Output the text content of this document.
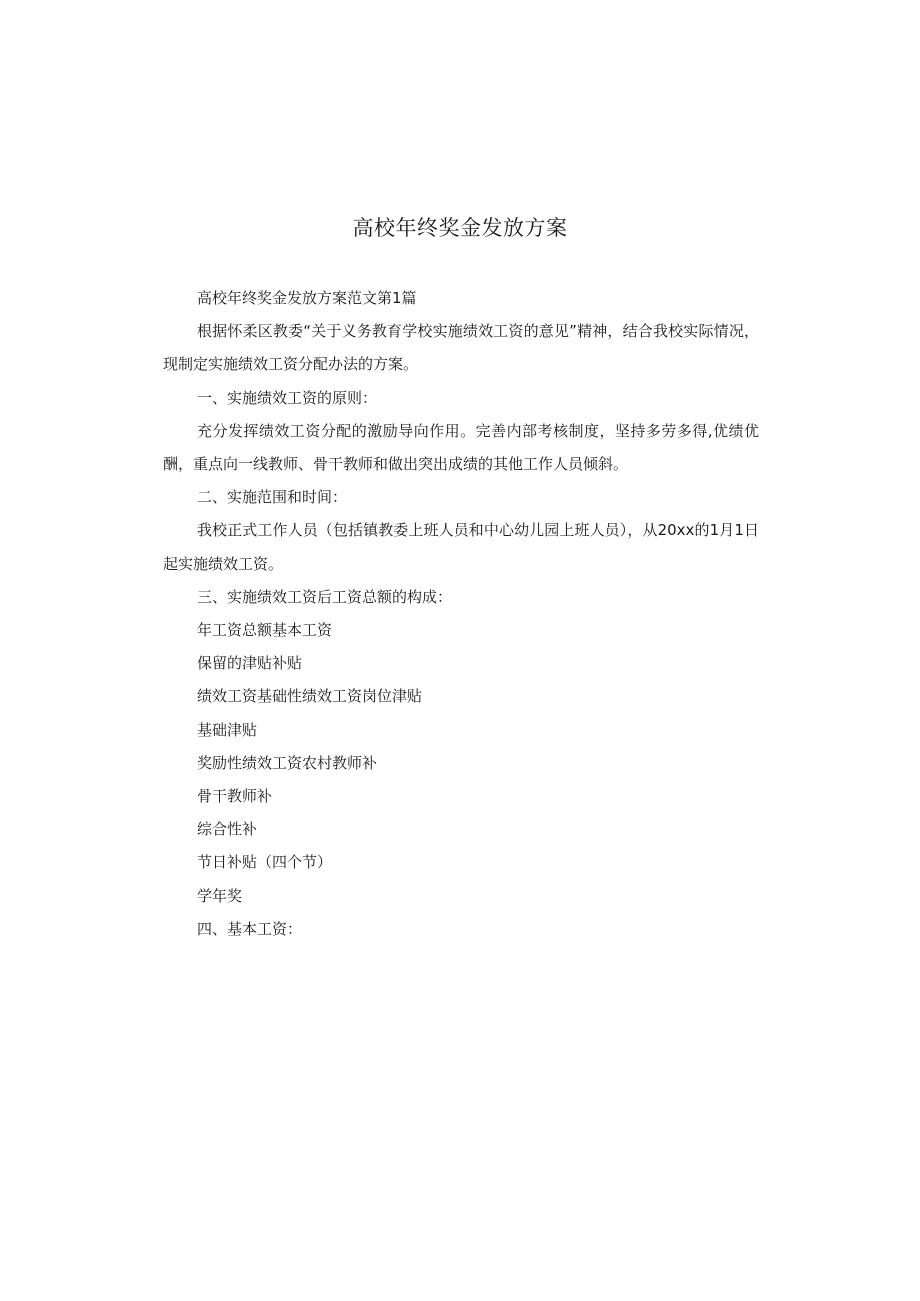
高校年终奖金发放方案

高校年终奖金发放方案范文第1篇

根据怀柔区教委“关于义务教育学校实施绩效工资的意见”精神，结合我校实际情况，现制定实施绩效工资分配办法的方案。

一、实施绩效工资的原则：

充分发挥绩效工资分配的激励导向作用。完善内部考核制度，坚持多劳多得,优绩优酬，重点向一线教师、骨干教师和做出突出成绩的其他工作人员倾斜。

二、实施范围和时间：

我校正式工作人员（包括镇教委上班人员和中心幼儿园上班人员），从20xx的1月1日起实施绩效工资。

三、实施绩效工资后工资总额的构成：

年工资总额基本工资

保留的津贴补贴

绩效工资基础性绩效工资岗位津贴

基础津贴

奖励性绩效工资农村教师补

骨干教师补

综合性补

节日补贴（四个节）

学年奖

四、基本工资：
